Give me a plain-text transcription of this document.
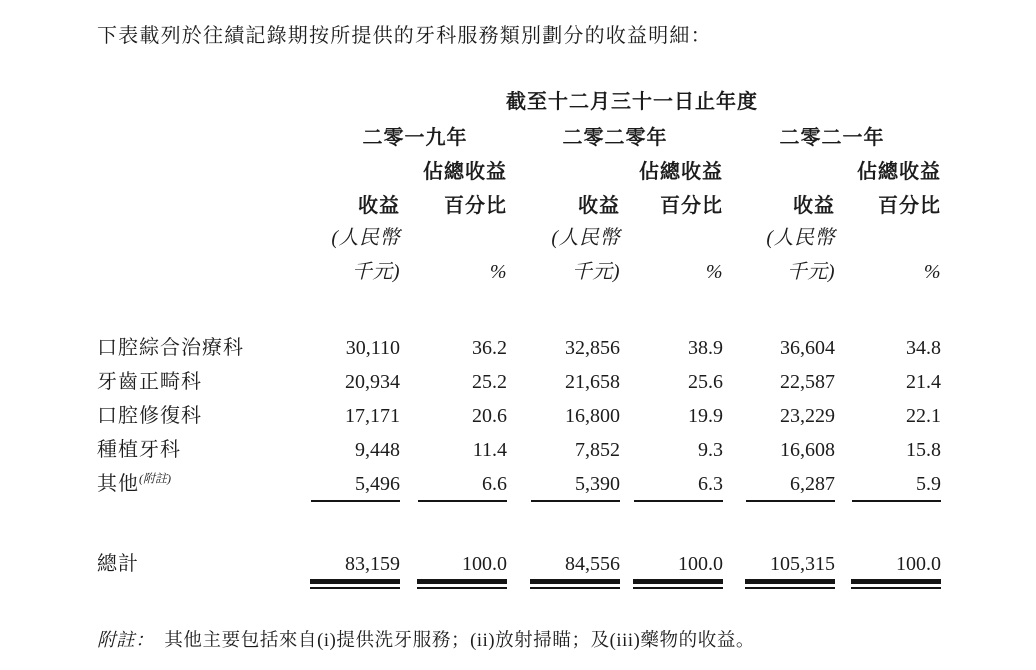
下表載列於往績記錄期按所提供的牙科服務類別劃分的收益明細：
	截至十二月三十一日止年度					
	二零一九年		二零二零年		二零二一年	
		佔總收益		佔總收益		佔總收益
	收益	百分比	收益	百分比	收益	百分比
	(人民幣		(人民幣		(人民幣	
	千元)	%	千元)	%	千元)	%

口腔綜合治療科	30,110	36.2	32,856	38.9	36,604	34.8
牙齒正畸科	20,934	25.2	21,658	25.6	22,587	21.4
口腔修復科	17,171	20.6	16,800	19.9	23,229	22.1
種植牙科	9,448	11.4	7,852	9.3	16,608	15.8
其他$^{(附註)}$	5,496	6.6	5,390	6.3	6,287	5.9

總計	83,159	100.0	84,556	100.0	105,315	100.0

附註： 其他主要包括來自(i)提供洗牙服務；(ii)放射掃瞄；及(iii)藥物的收益。
